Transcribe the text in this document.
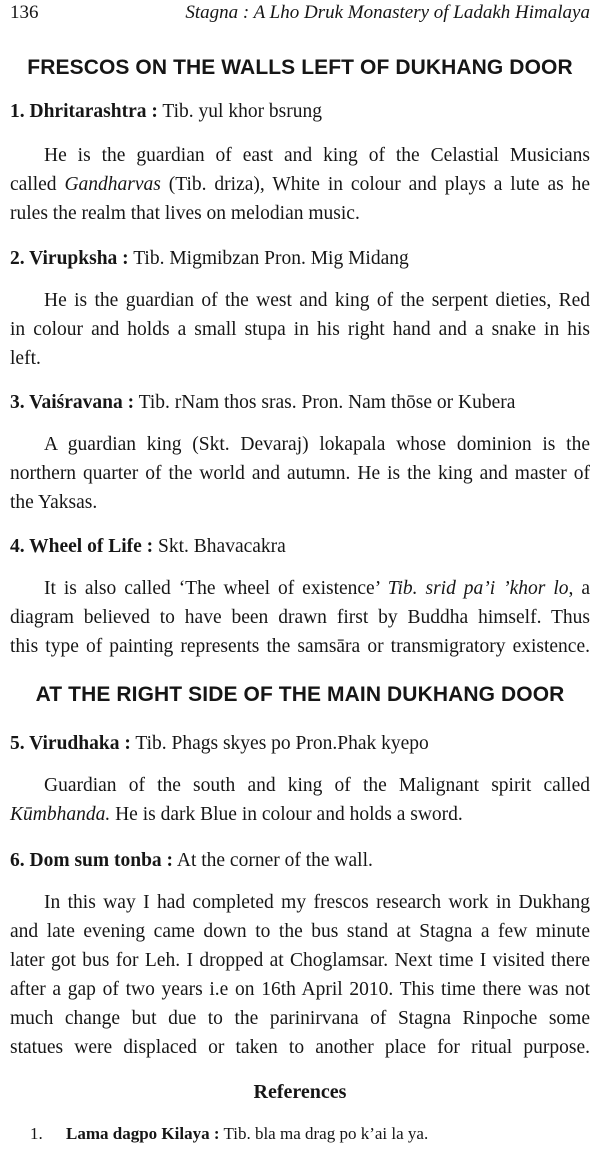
136	Stagna : A Lho Druk Monastery of Ladakh Himalaya
FRESCOS ON THE WALLS LEFT OF DUKHANG DOOR
1. Dhritarashtra : Tib. yul khor bsrung
He is the guardian of east and king of the Celastial Musicians
called Gandharvas (Tib. driza), White in colour and plays a lute as he
rules the realm that lives on melodian music.
2. Virupksha : Tib. Migmibzan Pron. Mig Midang
He is the guardian of the west and king of the serpent dieties, Red
in colour and holds a small stupa in his right hand and a snake in his
left.
3. Vaiśravana : Tib. rNam thos sras. Pron. Nam thōse or Kubera
A guardian king (Skt. Devaraj) lokapala whose dominion is the
northern quarter of the world and autumn. He is the king and master of
the Yaksas.
4. Wheel of Life : Skt. Bhavacakra
It is also called ‘The wheel of existence’ Tib. srid pa’i ’khor lo, a
diagram believed to have been drawn first by Buddha himself. Thus
this type of painting represents the samsāra or transmigratory existence.
AT THE RIGHT SIDE OF THE MAIN DUKHANG DOOR
5. Virudhaka : Tib. Phags skyes po Pron.Phak kyepo
Guardian of the south and king of the Malignant spirit called
Kūmbhanda. He is dark Blue in colour and holds a sword.
6. Dom sum tonba : At the corner of the wall.
In this way I had completed my frescos research work in Dukhang
and late evening came down to the bus stand at Stagna a few minute
later got bus for Leh. I dropped at Choglamsar. Next time I visited there
after a gap of two years i.e on 16th April 2010. This time there was not
much change but due to the parinirvana of Stagna Rinpoche some
statues were displaced or taken to another place for ritual purpose.
References
1. Lama dagpo Kilaya : Tib. bla ma drag po k’ai la ya.
